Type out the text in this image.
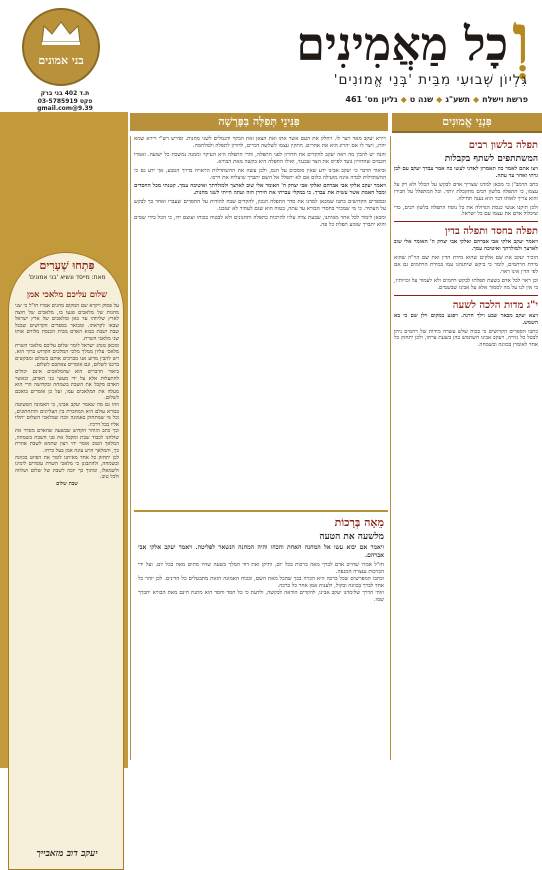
וְ
כָל מַאֲמִינִים
גִּלְיוֹן שְׁבוּעִי מִבֵּית 'בְּנֵי אֱמוּנִים'
פרשת וישלח◆תשע"ג◆שנה ט◆גליון מס' 461
בני אמונים
ת.ד 402 בני ברק
פקס 03-5785919
9.39@gmail.com
פִּנְנֵי אֱמוּנִים
פִּנִּינֵי תְּפִלָּה בַּפָּרָשָׁה
פִּתְחוּ שְׁעָרִים
מאת: מייסד ונשיא 'בני אמונים'
שלום עליכם מלאכי אמן

על פסוק ויקרא שם המקום מחנים אמרו חז"ל כי שני מחנות של מלאכים פגעו בו, מלאכים של חוצה לארץ שליווהו עד כאן ומלאכים של ארץ ישראל שבאו לקראתו. ומבואר בספרים הקדושים שבכל שבת ושבת בבוא האדם מבית הכנסת מלווים אותו שני מלאכי השרת.

ומכאן מנהג ישראל לומר שלום עליכם מלאכי השרת מלאכי עליון ממלך מלכי המלכים הקדוש ברוך הוא. ויש להבין מדוע אנו מברכים אותם בשלום ומבקשים ברכנו לשלום, וגם אומרים צאתכם לשלום.

ביאור הדברים הוא שהמלאכים אינם יכולים להתעלות אלא על ידי מעשי בני האדם, וכאשר האדם מקבל את השבת בשמחה ובקדושה הרי הוא מעלה את המלאכים עמו, ועל כן אומרים בואכם לשלום.

וזהו גם מה שאמר יעקב אבינו, כי האמונה הפשוטה בבורא עולם היא המחברת בין העליונים והתחתונים, וכל מי שמתחזק באמונה זוכה שמלאכי השלום יתלוו אליו בכל דרכיו.

וכך כתב הזוהר הקדוש שבשעה שהאדם מסדר את שולחנו לכבוד שבת ומקבל את פני השבת בשמחה, המלאך הטוב אומר יהי רצון שתהא לשבת אחרת כך, והמלאך הרע עונה אמן בעל כרחו.

לכן יתחזק כל אחד מאיתנו לומר את הפיוט בכוונה ובשמחה, ולהתבונן כי מלאכי השרת עומדים לימינו ולשמאלו, ומתוך כך יזכה לשבת של שלום ושלווה ולכל טוב.

שבת שלום

יעקב דוב מזאבייך

ויירא יעקב מאד ויצר לו. ויחלק את העם אשר אתו ואת הצאן ואת הבקר והגמלים לשני מחנות. ופירש רש"י ויירא שמא יהרג, ויצר לו אם יהרוג הוא את אחרים. התקין עצמו לשלשה דברים, לדורון לתפלה ולמלחמה.

והנה יש להבין מה ראה יעקב להקדים את הדורון לפני התפלה, והרי התפלה היא העיקר וממנה נמשכת כל ישועה. ואמרו חכמים שהדורון נועד לפייס את הצד שכנגד, ואילו התפלה היא בקשה מאת הבורא.

וביאור הדבר כי יעקב אבינו ידע שאין סומכים על הנס, ולכן עשה את ההשתדלות הראויה בדרך הטבע, אך ידע גם כי ההשתדלות לבדה אינה מועילה כלום אם לא יתפלל אל השם יתברך שיצליח את דרכו.

ויאמר יעקב אלקי אבי אברהם ואלקי אבי יצחק ה' האומר אלי שוב לארצך ולמולדתך ואיטיבה עמך. קטנתי מכל החסדים ומכל האמת אשר עשית את עבדך. כי במקלי עברתי את הירדן הזה ועתה הייתי לשני מחנות.

ובספרים הקדושים כתבו שמכאן למדנו את סדר התפלה הנכון, להקדים שבח להודות על החסדים שעברו ואחר כך לבקש על העתיד. כי מי שמכיר בחסדי הבורא עד עתה, בטוח הוא שגם לעתיד לא יעזבנו.

ומכאן לימוד לכל אחד מאיתנו, שבעת צרה עליו להרבות בתפלה ותחנונים ולא לבטוח בכוחו ועוצם ידו, כי הכל בידי שמים והוא יתברך שומע תפלת כל פה.

מֵאָה בְּרָכוֹת
מלשעה את הטעה
ויאמר אם יבוא עשו אל המחנה האחת והכהו והיה המחנה הנשאר לפליטה. ויאמר יעקב אלקי אבי אברהם.

חז"ל אמרו שחייב אדם לברך מאה ברכות בכל יום, ותיקן זאת דוד המלך בשעה שהיו מתים מאה בכל יום. ועל ידי הברכות נעצרה המגפה.

וכתבו המפרשים שכל ברכה היא הכרה בכך שהכל מאת השם, ובכוח האמונה הזאת מתבטלים כל הדינים. לכן יזהר כל אחד לברך בכוונה ובקול, ולענות אמן אחר כל ברכה.

וזוהי הדרך שלימדנו יעקב אבינו, להקדים הודאה לבקשה, ולדעת כי כל חסד וחסד הוא מתנת חינם מאת הבורא יתברך שמו.

תפלה בלשון רבים
המשתתפים לשתף בקבלות

ויצו אתם לאמר כה תאמרון לאדני לעשו כה אמר עבדך יעקב עם לבן גרתי ואחר עד עתה.

כתב הרמב"ן כי מכאן למדנו שצריך אדם לבקש על הכלל ולא רק על עצמו, כי התפלה בלשון רבים מתקבלת יותר. וכל המתפלל על חבירו והוא צריך לאותו דבר הוא נענה תחילה.

ולכן תיקנו אנשי כנסת הגדולה את כל נוסח התפלה בלשון רבים, כדי שיכלול אדם את עצמו עם כל ישראל.

תפלה בחסד ותפלה בדין

ויאמר יעקב אלקי אבי אברהם ואלקי אבי יצחק ה' האומר אלי שוב לארצך ולמולדתך ואיטיבה עמך.

הזכיר יעקב את שם אלקים שהוא מידת הדין ואת שם הוי"ה שהוא מידת הרחמים, לומר כי ביקש שיתנהגו עמו במידת הרחמים גם אם לפי הדין אינו ראוי.

וכן ראוי לכל אדם בשעת תפלתו לבקש רחמים ולא לעמוד על זכויותיו, כי אין לנו על מה לסמוך אלא על אבינו שבשמים.

י"ג מדות הלכה לשעה

ויצא יעקב מבאר שבע וילך חרנה. ויפגע במקום וילן שם כי בא השמש.

כתבו הספרים הקדושים כי בכוח שלש עשרה מידות של רחמים ניתן לבטל כל גזירה, ויעקב אבינו השתמש בהן בשעת צרתו, ולכן יתחזק כל אחד לאומרן בכוונה ובשמחה.
